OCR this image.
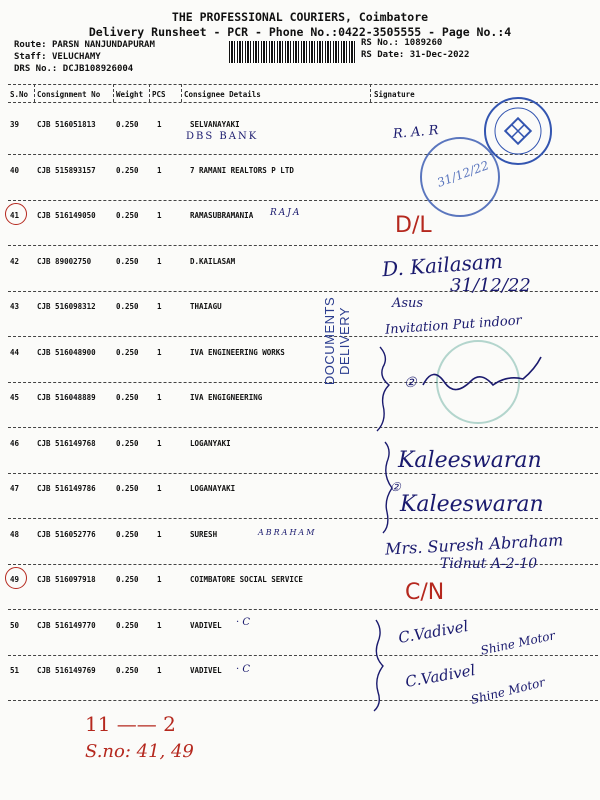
THE PROFESSIONAL COURIERS, Coimbatore
Delivery Runsheet - PCR - Phone No.:0422-3505555 - Page No.:4
Route: PARSN NANJUNDAPURAM
Staff: VELUCHAMY
DRS No.: DCJB108926004
RS No.: 1089260
RS Date: 31-Dec-2022
S.No Consignment No Weight PCS Consignee Details	Signature
39 CJB 516051813	0.250 1	SELVANAYAKI
40 CJB 515893157	0.250 1	7 RAMANI REALTORS P LTD
41 CJB 516149050	0.250 1	RAMASUBRAMANIA
42 CJB 89002750	0.250 1	D.KAILASAM
43 CJB 516098312	0.250 1	THAIAGU
44 CJB 516048900	0.250 1	IVA ENGINEERING WORKS
45 CJB 516048889	0.250 1	IVA ENGIGNEERING
46 CJB 516149768	0.250 1	LOGANYAKI
47 CJB 516149786	0.250 1	LOGANAYAKI
48 CJB 516052776	0.250 1	SURESH
49 CJB 516097918	0.250 1	COIMBATORE SOCIAL SERVICE
50 CJB 516149770	0.250 1	VADIVEL
51 CJB 516149769	0.250 1	VADIVEL
DBS BANK
RAJA
ABRAHAM
· C
· C
DOCUMENTS DELIVERY
31/12/22
R. A. R
D/L
D. Kailasam
31/12/22
Asus
Invitation Put indoor
②
Kaleeswaran
②
Kaleeswaran
Mrs. Suresh Abraham
Tidnut A-2-10
C/N
C.Vadivel Shine Motor
C.Vadivel
Shine Motor
11 —— 2
S.no: 41, 49
